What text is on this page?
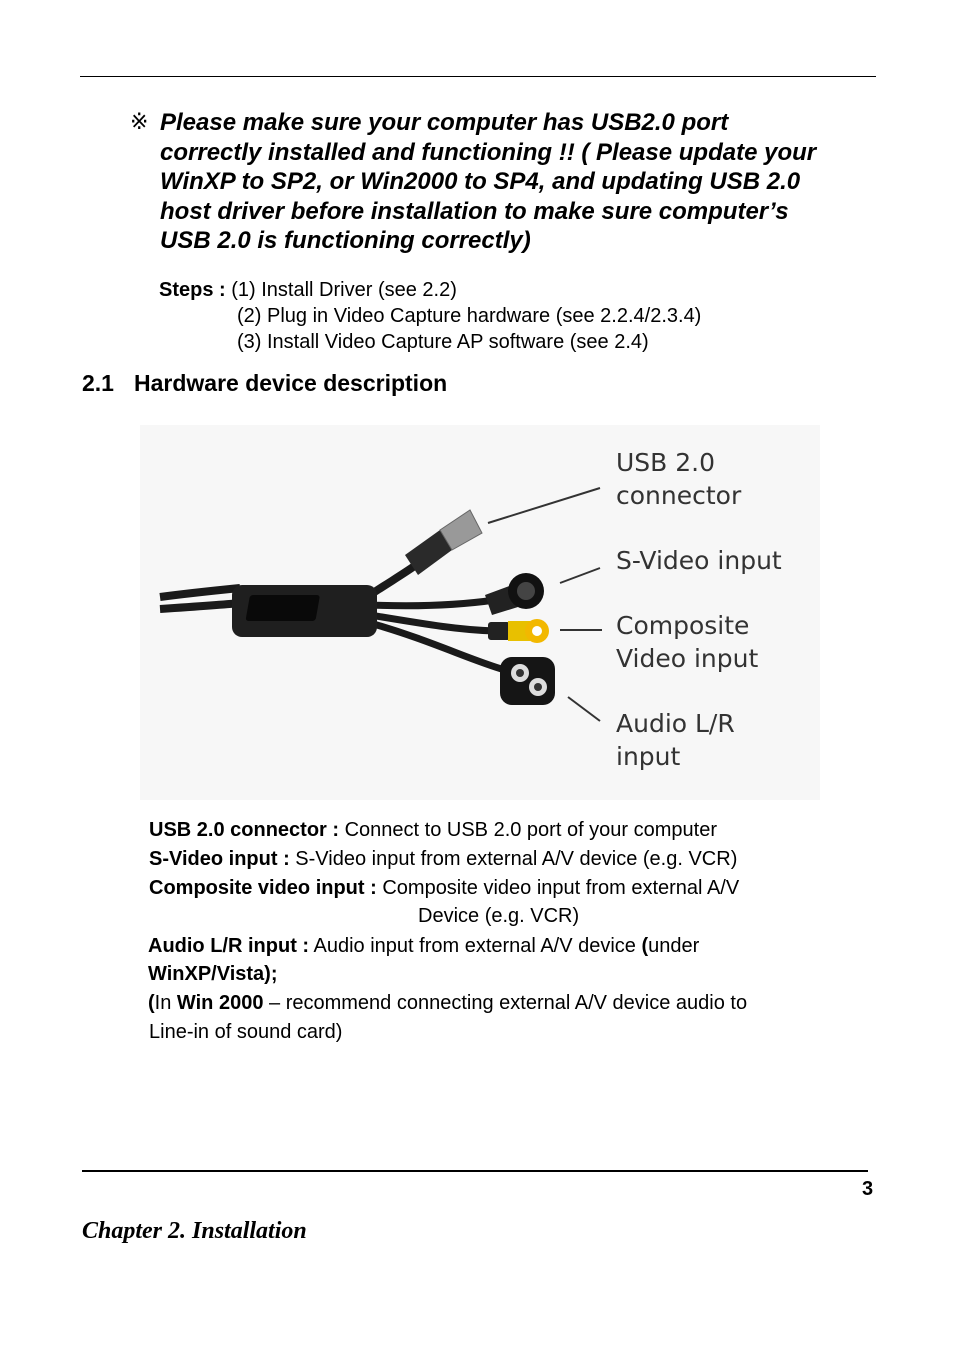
※ Please make sure your computer has USB2.0 port
correctly installed and functioning !! ( Please update your
WinXP to SP2, or Win2000 to SP4, and updating USB 2.0
host driver before installation to make sure computer’s
USB 2.0 is functioning correctly)
Steps : (1) Install Driver (see 2.2)
(2) Plug in Video Capture hardware (see 2.2.4/2.3.4)
(3) Install Video Capture AP software (see 2.4)
2.1 Hardware device description
USB 2.0
connector
S-Video input
Composite
Video input
Audio L/R
input
USB 2.0 connector : Connect to USB 2.0 port of your computer
S-Video input : S-Video input from external A/V device (e.g. VCR)
Composite video input : Composite video input from external A/V
Device (e.g. VCR)
Audio L/R input : Audio input from external A/V device (under
WinXP/Vista);
(In Win 2000 – recommend connecting external A/V device audio to
Line-in of sound card)
3
Chapter 2. Installation
